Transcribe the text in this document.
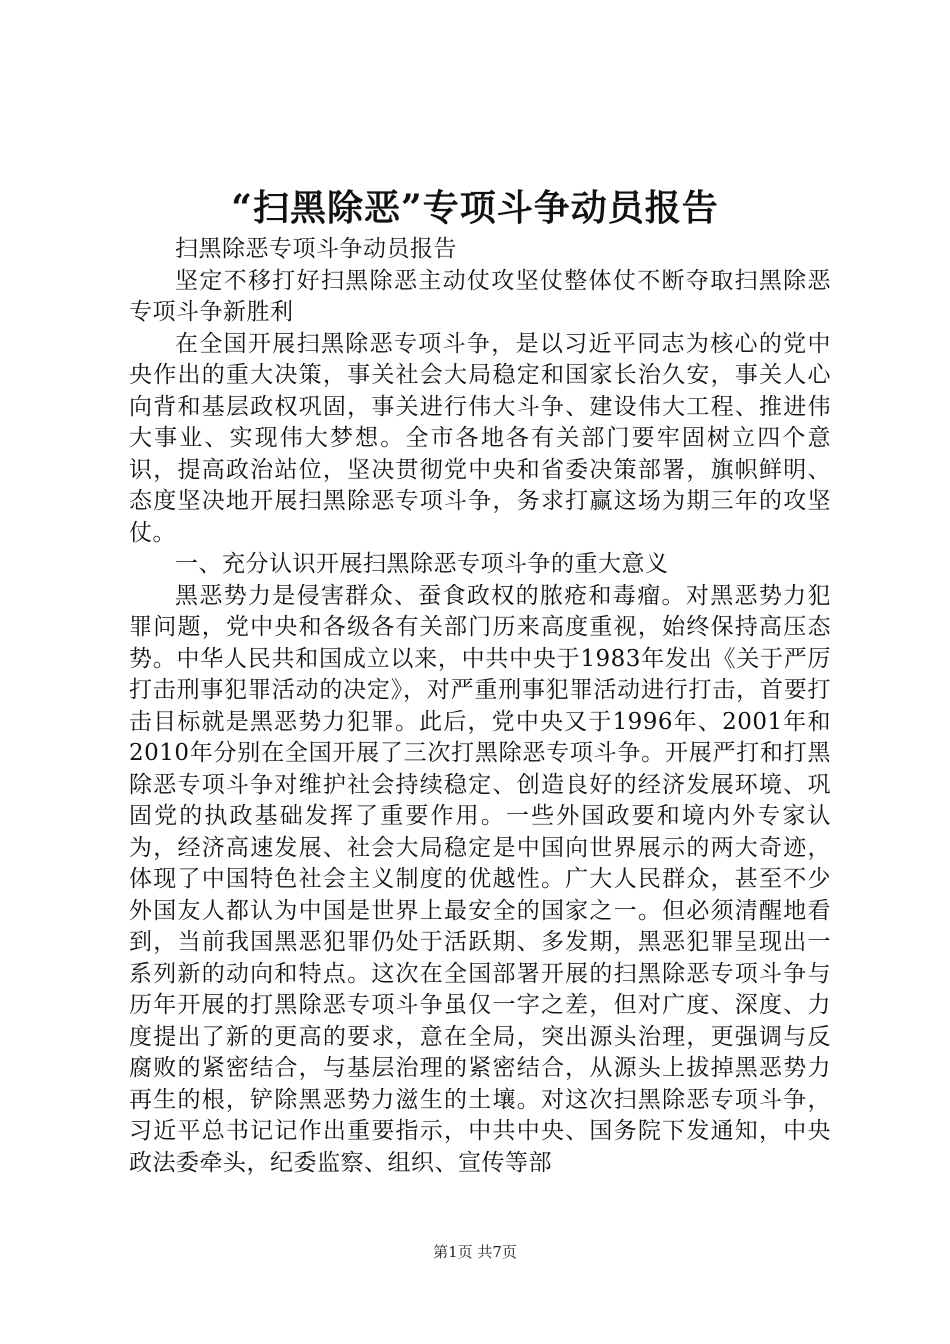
“扫黑除恶”专项斗争动员报告

扫黑除恶专项斗争动员报告

坚定不移打好扫黑除恶主动仗攻坚仗整体仗不断夺取扫黑除恶专项斗争新胜利

在全国开展扫黑除恶专项斗争，是以习近平同志为核心的党中央作出的重大决策，事关社会大局稳定和国家长治久安，事关人心向背和基层政权巩固，事关进行伟大斗争、建设伟大工程、推进伟大事业、实现伟大梦想。全市各地各有关部门要牢固树立四个意识，提高政治站位，坚决贯彻党中央和省委决策部署，旗帜鲜明、态度坚决地开展扫黑除恶专项斗争，务求打赢这场为期三年的攻坚仗。

一、充分认识开展扫黑除恶专项斗争的重大意义

黑恶势力是侵害群众、蚕食政权的脓疮和毒瘤。对黑恶势力犯罪问题，党中央和各级各有关部门历来高度重视，始终保持高压态势。中华人民共和国成立以来，中共中央于1983年发出《关于严厉打击刑事犯罪活动的决定》，对严重刑事犯罪活动进行打击，首要打击目标就是黑恶势力犯罪。此后，党中央又于1996年、2001年和2010年分别在全国开展了三次打黑除恶专项斗争。开展严打和打黑除恶专项斗争对维护社会持续稳定、创造良好的经济发展环境、巩固党的执政基础发挥了重要作用。一些外国政要和境内外专家认为，经济高速发展、社会大局稳定是中国向世界展示的两大奇迹，体现了中国特色社会主义制度的优越性。广大人民群众，甚至不少外国友人都认为中国是世界上最安全的国家之一。但必须清醒地看到，当前我国黑恶犯罪仍处于活跃期、多发期，黑恶犯罪呈现出一系列新的动向和特点。这次在全国部署开展的扫黑除恶专项斗争与历年开展的打黑除恶专项斗争虽仅一字之差，但对广度、深度、力度提出了新的更高的要求，意在全局，突出源头治理，更强调与反腐败的紧密结合，与基层治理的紧密结合，从源头上拔掉黑恶势力再生的根，铲除黑恶势力滋生的土壤。对这次扫黑除恶专项斗争，习近平总书记记作出重要指示，中共中央、国务院下发通知，中央政法委牵头，纪委监察、组织、宣传等部

第1页 共7页
